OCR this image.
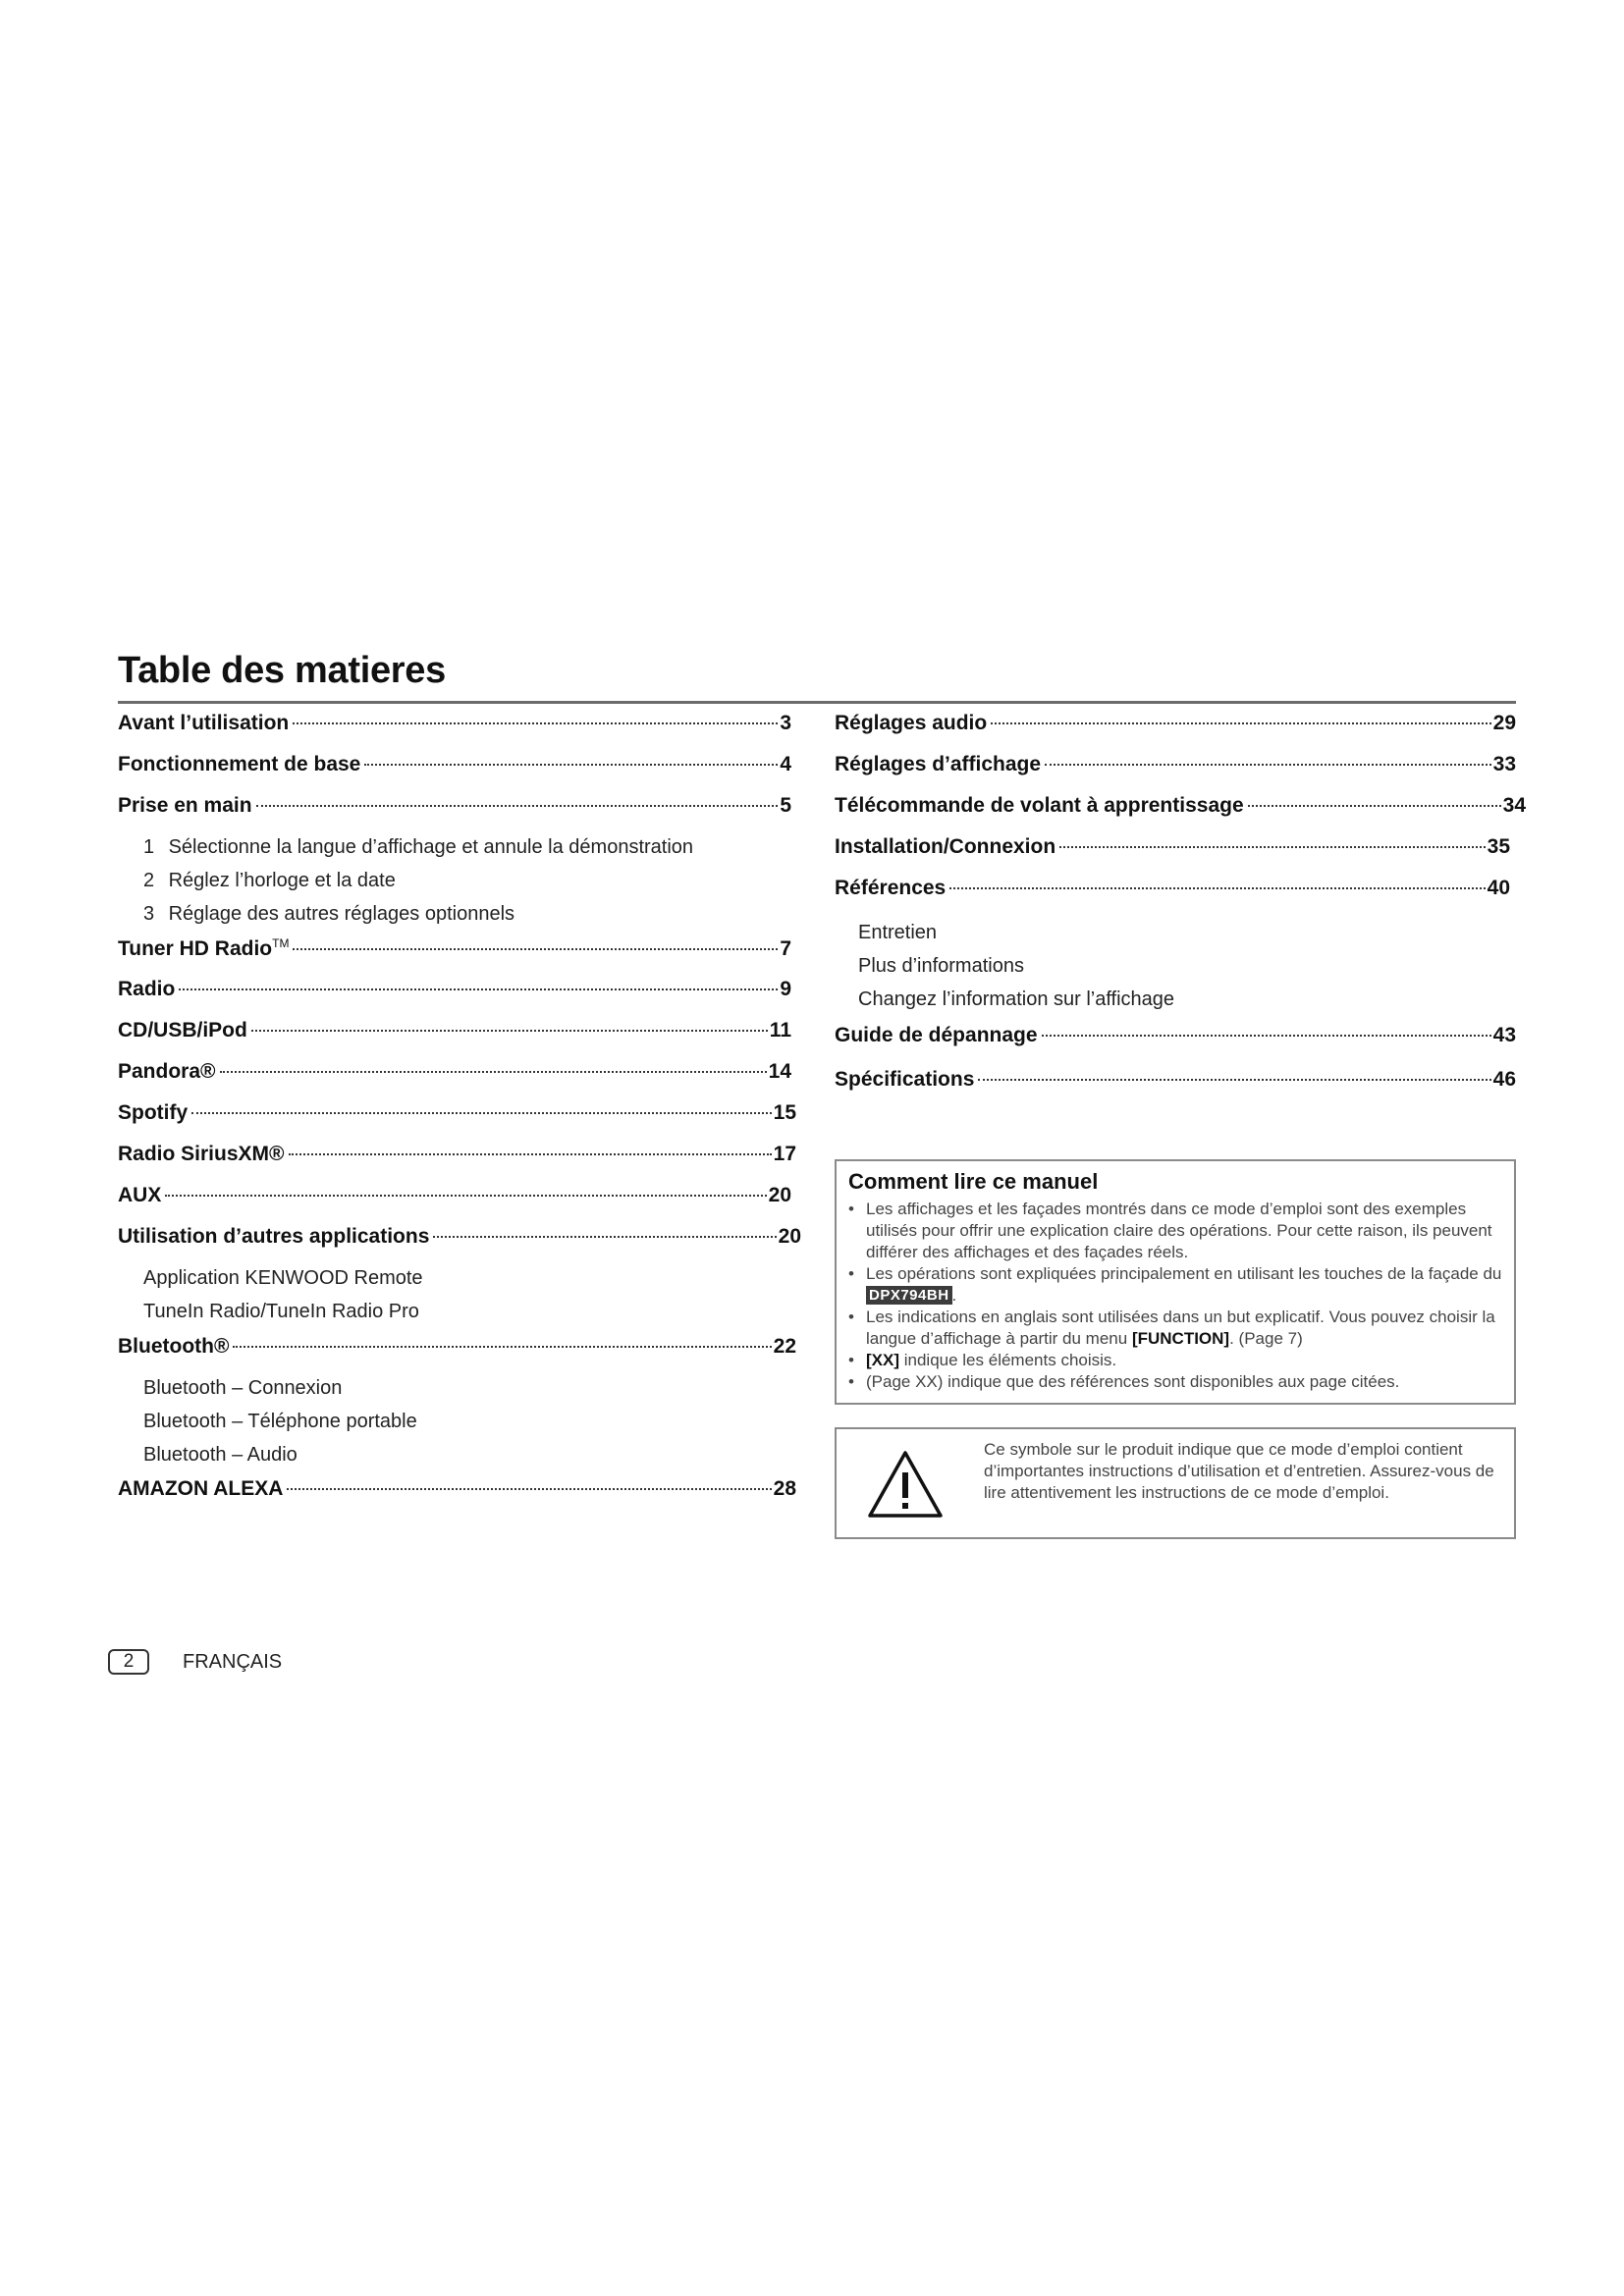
Table des matieres
Avant l’utilisation	3
Fonctionnement de base	4
Prise en main	5
1 Sélectionne la langue d’affichage et annule la démonstration
2 Réglez l’horloge et la date
3 Réglage des autres réglages optionnels
Tuner HD Radio™	7
Radio	9
CD/USB/iPod	11
Pandora®	14
Spotify	15
Radio SiriusXM®	17
AUX	20
Utilisation d’autres applications	20
Application KENWOOD Remote
TuneIn Radio/TuneIn Radio Pro
Bluetooth®	22
Bluetooth – Connexion
Bluetooth – Téléphone portable
Bluetooth – Audio
AMAZON ALEXA	28
Réglages audio	29
Réglages d’affichage	33
Télécommande de volant à apprentissage	34
Installation/Connexion	35
Références	40
Entretien
Plus d’informations
Changez l’information sur l’affichage
Guide de dépannage	43
Spécifications	46
Comment lire ce manuel
• Les affichages et les façades montrés dans ce mode d’emploi sont des exemples utilisés pour offrir une explication claire des opérations. Pour cette raison, ils peuvent différer des affichages et des façades réels.
• Les opérations sont expliquées principalement en utilisant les touches de la façade du DPX794BH .
• Les indications en anglais sont utilisées dans un but explicatif. Vous pouvez choisir la langue d’affichage à partir du menu [FUNCTION]. (Page 7)
• [XX] indique les éléments choisis.
• (Page XX) indique que des références sont disponibles aux page citées.
Ce symbole sur le produit indique que ce mode d’emploi contient d’importantes instructions d’utilisation et d’entretien. Assurez-vous de lire attentivement les instructions de ce mode d’emploi.
2	FRANÇAIS
